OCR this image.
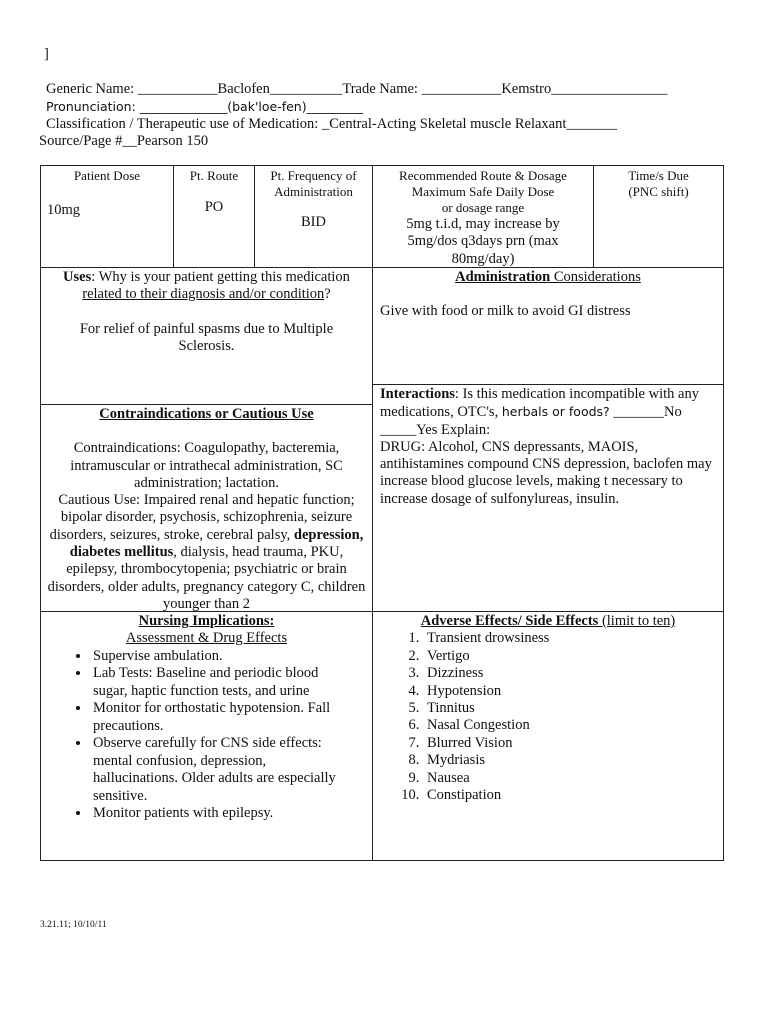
]
Generic Name: ___________Baclofen__________Trade Name: ___________Kemstro________________
Pronunciation: ______________(bak'loe-fen)_________
Classification / Therapeutic use of Medication: _Central-Acting Skeletal muscle Relaxant_______
Source/Page #__Pearson 150
Patient Dose
10mg
Pt. Route
PO
Pt. Frequency of
Administration
BID
Recommended Route & Dosage
Maximum Safe Daily Dose
or dosage range
5mg t.i.d, may increase by 5mg/dos q3days prn (max 80mg/day)
Time/s Due
(PNC shift)
Uses: Why is your patient getting this medication
related to their diagnosis and/or condition?
For relief of painful spasms due to Multiple Sclerosis.
Administration Considerations
Give with food or milk to avoid GI distress
Interactions: Is this medication incompatible with any medications, OTC's, herbals or foods? _______No _____Yes Explain:
DRUG: Alcohol, CNS depressants, MAOIS, antihistamines compound CNS depression, baclofen may increase blood glucose levels, making t necessary to increase dosage of sulfonylureas, insulin.
Contraindications or Cautious Use
Contraindications: Coagulopathy, bacteremia, intramuscular or intrathecal administration, SC administration; lactation.
Cautious Use: Impaired renal and hepatic function; bipolar disorder, psychosis, schizophrenia, seizure disorders, seizures, stroke, cerebral palsy, depression, diabetes mellitus, dialysis, head trauma, PKU, epilepsy, thrombocytopenia; psychiatric or brain disorders, older adults, pregnancy category C, children younger than 2
Nursing Implications:
Assessment & Drug Effects
• Supervise ambulation.
• Lab Tests: Baseline and periodic blood sugar, haptic function tests, and urine
• Monitor for orthostatic hypotension. Fall precautions.
• Observe carefully for CNS side effects: mental confusion, depression, hallucinations. Older adults are especially sensitive.
• Monitor patients with epilepsy.
Adverse Effects/ Side Effects (limit to ten)
1. Transient drowsiness
2. Vertigo
3. Dizziness
4. Hypotension
5. Tinnitus
6. Nasal Congestion
7. Blurred Vision
8. Mydriasis
9. Nausea
10. Constipation
3.21.11; 10/10/11
